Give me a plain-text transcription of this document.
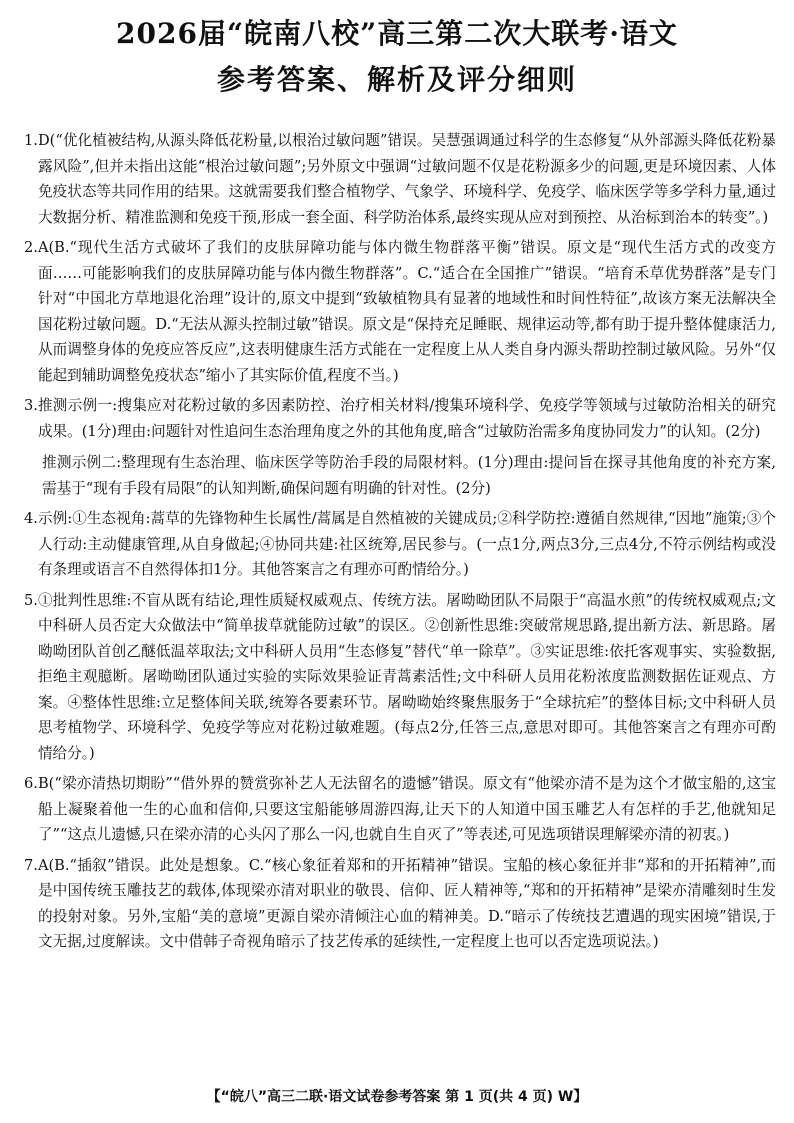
2026届“皖南八校”高三第二次大联考·语文
参考答案、解析及评分细则
1. D(“优化植被结构,从源头降低花粉量,以根治过敏问题”错误。吴慧强调通过科学的生态修复“从外部源头降低花粉暴露风险”,但并未指出这能“根治过敏问题”;另外原文中强调“过敏问题不仅是花粉源多少的问题,更是环境因素、人体免疫状态等共同作用的结果。这就需要我们整合植物学、气象学、环境科学、免疫学、临床医学等多学科力量,通过大数据分析、精准监测和免疫干预,形成一套全面、科学防治体系,最终实现从应对到预控、从治标到治本的转变”。)
2. A(B.“现代生活方式破坏了我们的皮肤屏障功能与体内微生物群落平衡”错误。原文是“现代生活方式的改变方面……可能影响我们的皮肤屏障功能与体内微生物群落”。C.“适合在全国推广”错误。“培育禾草优势群落”是专门针对“中国北方草地退化治理”设计的,原文中提到“致敏植物具有显著的地域性和时间性特征”,故该方案无法解决全国花粉过敏问题。D.“无法从源头控制过敏”错误。原文是“保持充足睡眠、规律运动等,都有助于提升整体健康活力,从而调整身体的免疫应答反应”,这表明健康生活方式能在一定程度上从人类自身内源头帮助控制过敏风险。另外“仅能起到辅助调整免疫状态”缩小了其实际价值,程度不当。)
3. 推测示例一:搜集应对花粉过敏的多因素防控、治疗相关材料/搜集环境科学、免疫学等领域与过敏防治相关的研究成果。(1分)理由:问题针对性追问生态治理角度之外的其他角度,暗含“过敏防治需多角度协同发力”的认知。(2分)
推测示例二:整理现有生态治理、临床医学等防治手段的局限材料。(1分)理由:提问旨在探寻其他角度的补充方案,需基于“现有手段有局限”的认知判断,确保问题有明确的针对性。(2分)
4. 示例:①生态视角:蒿草的先锋物种生长属性/蒿属是自然植被的关键成员;②科学防控:遵循自然规律,“因地”施策;③个人行动:主动健康管理,从自身做起;④协同共建:社区统筹,居民参与。(一点1分,两点3分,三点4分,不符示例结构或没有条理或语言不自然得体扣1分。其他答案言之有理亦可酌情给分。)
5. ①批判性思维:不盲从既有结论,理性质疑权威观点、传统方法。屠呦呦团队不局限于“高温水煎”的传统权威观点;文中科研人员否定大众做法中“简单拔草就能防过敏”的误区。②创新性思维:突破常规思路,提出新方法、新思路。屠呦呦团队首创乙醚低温萃取法;文中科研人员用“生态修复”替代“单一除草”。③实证思维:依托客观事实、实验数据,拒绝主观臆断。屠呦呦团队通过实验的实际效果验证青蒿素活性;文中科研人员用花粉浓度监测数据佐证观点、方案。④整体性思维:立足整体间关联,统筹各要素环节。屠呦呦始终聚焦服务于“全球抗疟”的整体目标;文中科研人员思考植物学、环境科学、免疫学等应对花粉过敏难题。(每点2分,任答三点,意思对即可。其他答案言之有理亦可酌情给分。)
6. B(“梁亦清热切期盼”“借外界的赞赏弥补艺人无法留名的遗憾”错误。原文有“他梁亦清不是为这个才做宝船的,这宝船上凝聚着他一生的心血和信仰,只要这宝船能够周游四海,让天下的人知道中国玉雕艺人有怎样的手艺,他就知足了”“这点儿遗憾,只在梁亦清的心头闪了那么一闪,也就自生自灭了”等表述,可见选项错误理解梁亦清的初衷。)
7. A(B.“插叙”错误。此处是想象。C.“核心象征着郑和的开拓精神”错误。宝船的核心象征并非“郑和的开拓精神”,而是中国传统玉雕技艺的载体,体现梁亦清对职业的敬畏、信仰、匠人精神等,“郑和的开拓精神”是梁亦清雕刻时生发的投射对象。另外,宝船“美的意境”更源自梁亦清倾注心血的精神美。D.“暗示了传统技艺遭遇的现实困境”错误,于文无据,过度解读。文中借韩子奇视角暗示了技艺传承的延续性,一定程度上也可以否定选项说法。)
【“皖八”高三二联·语文试卷参考答案 第 1 页(共 4 页) W】
